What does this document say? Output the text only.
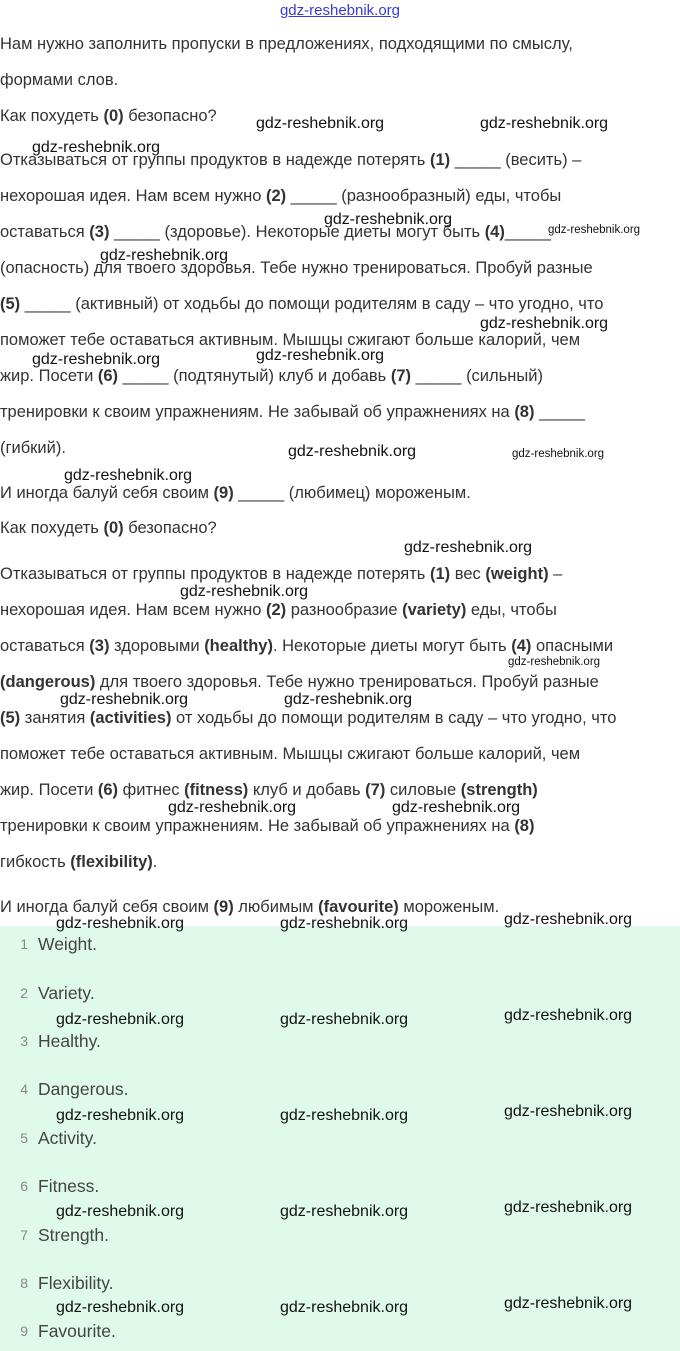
gdz-reshebnik.org
Нам нужно заполнить пропуски в предложениях, подходящими по смыслу,
формами слов.
Как похудеть (0) безопасно?
Отказываться от группы продуктов в надежде потерять (1) _____ (весить) –
нехорошая идея. Нам всем нужно (2) _____ (разнообразный) еды, чтобы
оставаться (3) _____ (здоровье). Некоторые диеты могут быть (4)_____
(опасность) для твоего здоровья. Тебе нужно тренироваться. Пробуй разные
(5) _____ (активный) от ходьбы до помощи родителям в саду – что угодно, что
поможет тебе оставаться активным. Мышцы сжигают больше калорий, чем
жир. Посети (6) _____ (подтянутый) клуб и добавь (7) _____ (сильный)
тренировки к своим упражнениям. Не забывай об упражнениях на (8) _____
(гибкий).
И иногда балуй себя своим (9) _____ (любимец) мороженым.
Как похудеть (0) безопасно?
Отказываться от группы продуктов в надежде потерять (1) вес (weight) –
нехорошая идея. Нам всем нужно (2) разнообразие (variety) еды, чтобы
оставаться (3) здоровыми (healthy). Некоторые диеты могут быть (4) опасными
(dangerous) для твоего здоровья. Тебе нужно тренироваться. Пробуй разные
(5) занятия (activities) от ходьбы до помощи родителям в саду – что угодно, что
поможет тебе оставаться активным. Мышцы сжигают больше калорий, чем
жир. Посети (6) фитнес (fitness) клуб и добавь (7) силовые (strength)
тренировки к своим упражнениям. Не забывай об упражнениях на (8)
гибкость (flexibility).
И иногда балуй себя своим (9) любимым (favourite) мороженым.
1 Weight.
2 Variety.
3 Healthy.
4 Dangerous.
5 Activity.
6 Fitness.
7 Strength.
8 Flexibility.
9 Favourite.
gdz-reshebnik.org	gdz-reshebnik.org
gdz-reshebnik.org
gdz-reshebnik.org
gdz-reshebnik.org
gdz-reshebnik.org
gdz-reshebnik.org
gdz-reshebnik.org	gdz-reshebnik.org
gdz-reshebnik.org	gdz-reshebnik.org
gdz-reshebnik.org
gdz-reshebnik.org
gdz-reshebnik.org
gdz-reshebnik.org
gdz-reshebnik.org	gdz-reshebnik.org
gdz-reshebnik.org	gdz-reshebnik.org
gdz-reshebnik.org	gdz-reshebnik.org	gdz-reshebnik.org
gdz-reshebnik.org	gdz-reshebnik.org	gdz-reshebnik.org
gdz-reshebnik.org	gdz-reshebnik.org	gdz-reshebnik.org
gdz-reshebnik.org	gdz-reshebnik.org	gdz-reshebnik.org
gdz-reshebnik.org	gdz-reshebnik.org	gdz-reshebnik.org
